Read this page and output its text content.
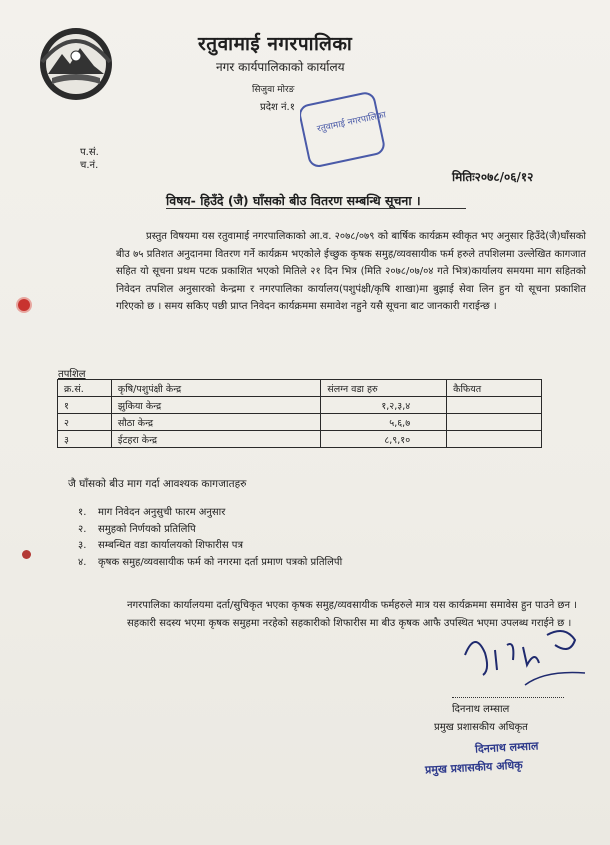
रतुवामाई नगरपालिका
नगर कार्यपालिकाको कार्यालय
सिजुवा मोरङ
प्रदेश नं.१
रतुवामाई नगरपालिका
प.सं.
च.नं.
मितिः२०७८/०६/१२
विषय- हिउँदे (जै) घाँसको बीउ वितरण सम्बन्धि सूचना ।
प्रस्तुत विषयमा यस रतुवामाई नगरपालिकाको आ.व. २०७८/०७९ को बार्षिक कार्यक्रम स्वीकृत भए अनुसार हिउँदे(जै)घाँसको बीउ ७५ प्रतिशत अनुदानमा वितरण गर्ने कार्यक्रम भएकोले ईच्छुक कृषक समुह/व्यवसायीक फर्म हरुले तपशिलमा उल्लेखित कागजात सहित यो सूचना प्रथम पटक प्रकाशित भएको मितिले २१ दिन भित्र (मिति २०७८/०७/०४ गते भित्र)कार्यालय समयमा माग सहितको निवेदन तपशिल अनुसारको केन्द्रमा र नगरपालिका कार्यालय(पशुपंक्षी/कृषि शाखा)मा बुझाई सेवा लिन हुन यो सूचना प्रकाशित गरिएको छ । समय सकिए पछी प्राप्त निवेदन कार्यक्रममा समावेश नहुने यसै सूचना बाट जानकारी गराईन्छ ।
तपशिल
क्र.सं.	कृषि/पशुपंक्षी केन्द्र	संलग्न वडा हरु	कैफियत
१	झुकिया केन्द्र	१,२,३,४	
२	सौठा केन्द्र	५,६,७	
३	ईटहरा केन्द्र	८,९,१०	
जै घाँसको बीउ माग गर्दा आवश्यक कागजातहरु
१. माग निवेदन अनुसुची फारम अनुसार
२. समुहको निर्णयको प्रतिलिपि
३. सम्बन्धित वडा कार्यालयको शिफारीस पत्र
४. कृषक समुह/व्यवसायीक फर्म को नगरमा दर्ता प्रमाण पत्रको प्रतिलिपी
नगरपालिका कार्यालयमा दर्ता/सुचिकृत भएका कृषक समुह/व्यवसायीक फर्महरुले मात्र यस कार्यक्रममा समावेस हुन पाउने छन । सहकारी सदस्य भएमा कृषक समुहमा नरहेको सहकारीको शिफारीस मा बीउ कृषक आफै उपस्थित भएमा उपलब्ध गराईने छ ।
दिननाथ लम्साल
प्रमुख प्रशासकीय अधिकृत
दिननाथ लम्साल
प्रमुख प्रशासकीय अधिकृ
